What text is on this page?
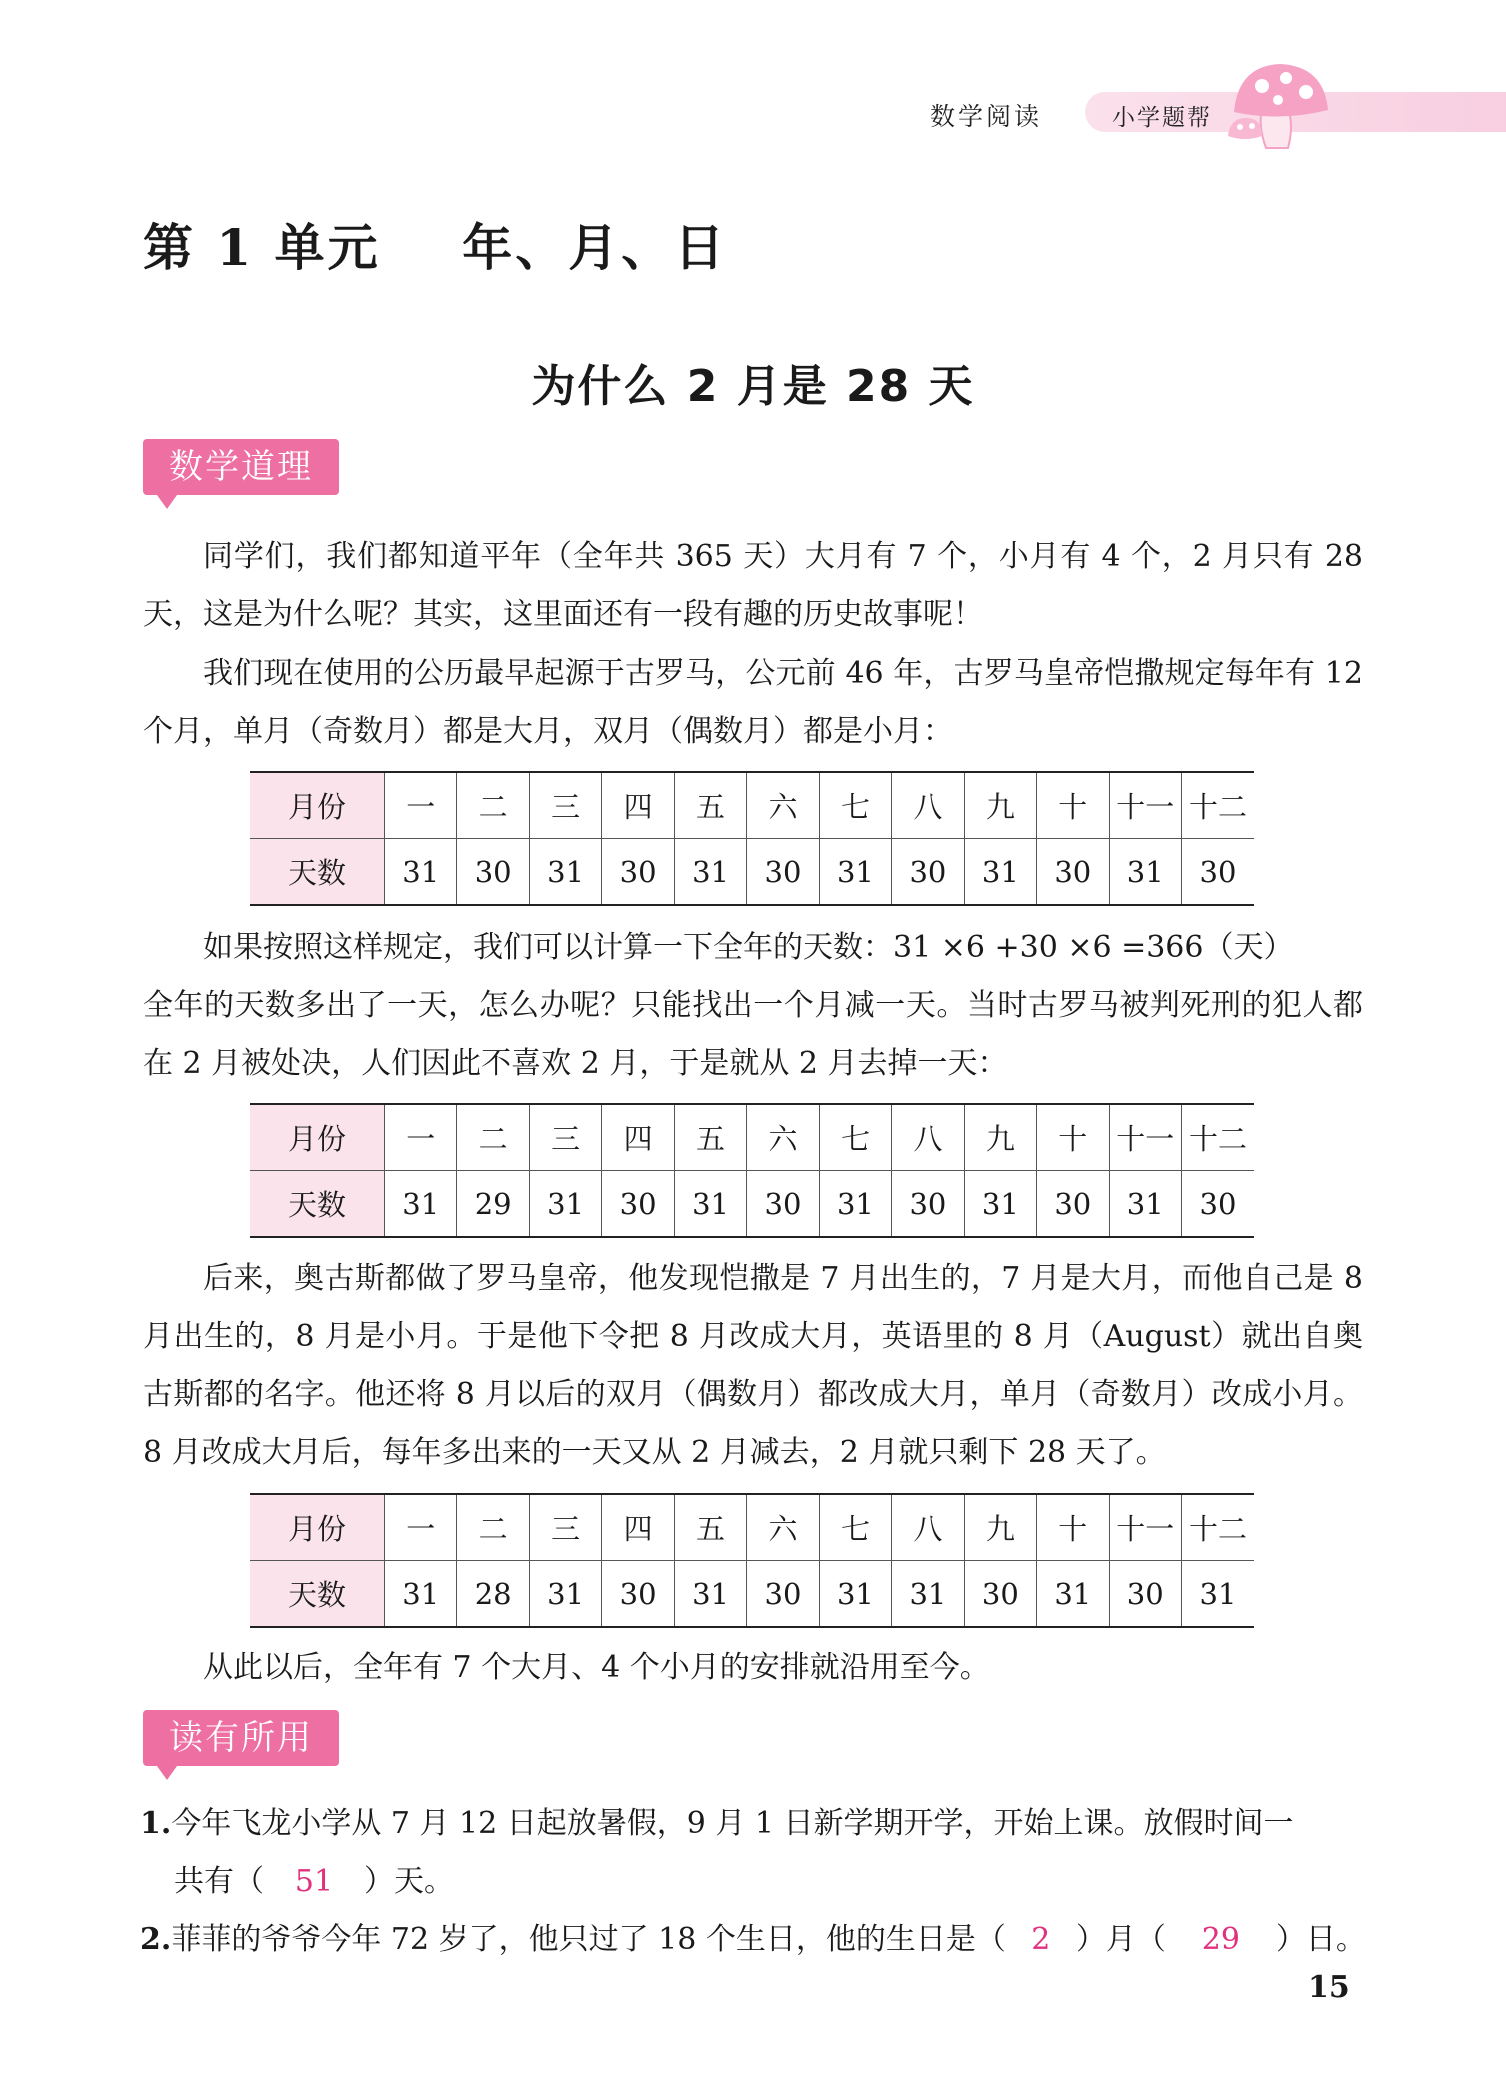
数学阅读	小学题帮
第 1 单元    年、月、日
为什么 2 月是 28 天
数学道理

同学们，我们都知道平年（全年共 365 天）大月有 7 个，小月有 4 个，2 月只有 28 天，这是为什么呢？其实，这里面还有一段有趣的历史故事呢！

我们现在使用的公历最早起源于古罗马，公元前 46 年，古罗马皇帝恺撒规定每年有 12 个月，单月（奇数月）都是大月，双月（偶数月）都是小月：

月份	一	二	三	四	五	六	七	八	九	十	十一	十二
天数	31	30	31	30	31	30	31	30	31	30	31	30

如果按照这样规定，我们可以计算一下全年的天数：31 ×6 +30 ×6 =366（天）

全年的天数多出了一天，怎么办呢？只能找出一个月减一天。当时古罗马被判死刑的犯人都在 2 月被处决，人们因此不喜欢 2 月，于是就从 2 月去掉一天：

月份	一	二	三	四	五	六	七	八	九	十	十一	十二
天数	31	29	31	30	31	30	31	30	31	30	31	30

后来，奥古斯都做了罗马皇帝，他发现恺撒是 7 月出生的，7 月是大月，而他自己是 8 月出生的，8 月是小月。于是他下令把 8 月改成大月，英语里的 8 月（August）就出自奥古斯都的名字。他还将 8 月以后的双月（偶数月）都改成大月，单月（奇数月）改成小月。8 月改成大月后，每年多出来的一天又从 2 月减去，2 月就只剩下 28 天了。

月份	一	二	三	四	五	六	七	八	九	十	十一	十二
天数	31	28	31	30	31	30	31	31	30	31	30	31

从此以后，全年有 7 个大月、4 个小月的安排就沿用至今。

读有所用
1.今年飞龙小学从 7 月 12 日起放暑假，9 月 1 日新学期开学，开始上课。放假时间一
共有（ 51 ）天。
2.菲菲的爷爷今年 72 岁了，他只过了 18 个生日，他的生日是（ 2 ）月（ 29 ）日。
15
